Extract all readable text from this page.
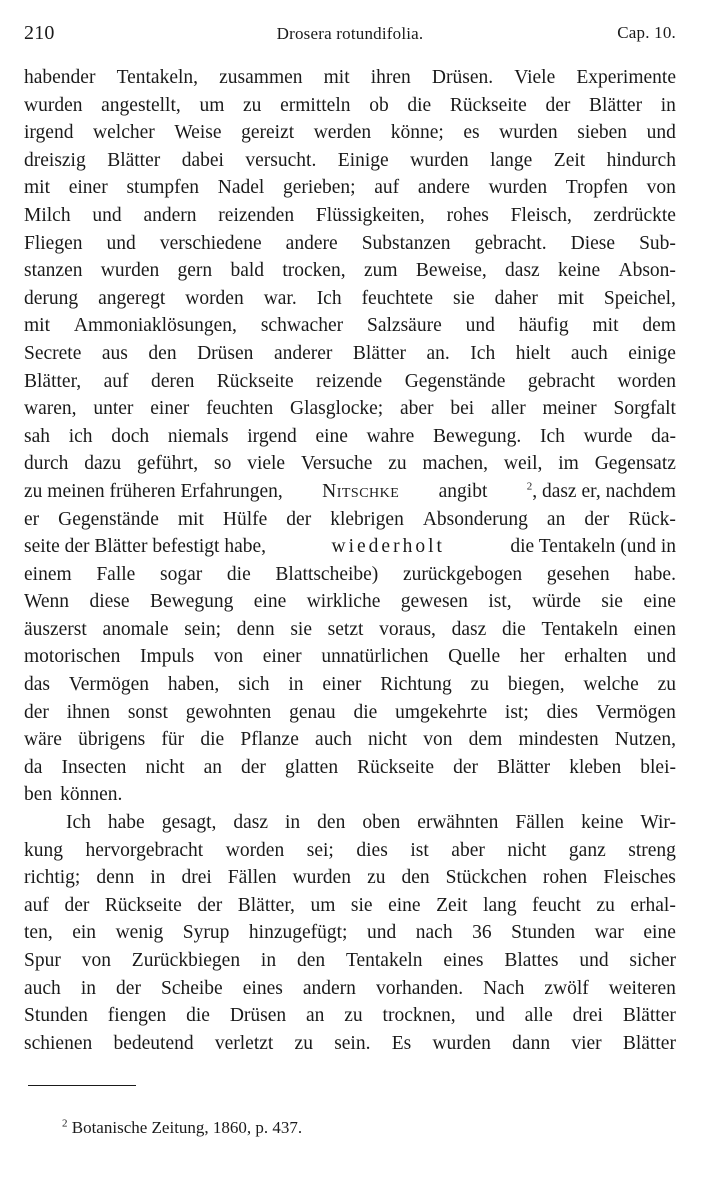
210	Drosera rotundifolia.	Cap. 10.
habender Tentakeln, zusammen mit ihren Drüsen. Viele Experimente
wurden angestellt, um zu ermitteln ob die Rückseite der Blätter in
irgend welcher Weise gereizt werden könne; es wurden sieben und
dreiszig Blätter dabei versucht. Einige wurden lange Zeit hindurch
mit einer stumpfen Nadel gerieben; auf andere wurden Tropfen von
Milch und andern reizenden Flüssigkeiten, rohes Fleisch, zerdrückte
Fliegen und verschiedene andere Substanzen gebracht. Diese Sub-
stanzen wurden gern bald trocken, zum Beweise, dasz keine Abson-
derung angeregt worden war. Ich feuchtete sie daher mit Speichel,
mit Ammoniaklösungen, schwacher Salzsäure und häufig mit dem
Secrete aus den Drüsen anderer Blätter an. Ich hielt auch einige
Blätter, auf deren Rückseite reizende Gegenstände gebracht worden
waren, unter einer feuchten Glasglocke; aber bei aller meiner Sorgfalt
sah ich doch niemals irgend eine wahre Bewegung. Ich wurde da-
durch dazu geführt, so viele Versuche zu machen, weil, im Gegensatz
zu meinen früheren Erfahrungen, Nitschke angibt	$^2$, dasz er, nachdem
er Gegenstände mit Hülfe der klebrigen Absonderung an der Rück-
seite der Blätter befestigt habe,	wiederholt	die Tentakeln (und in
einem Falle sogar die Blattscheibe) zurückgebogen gesehen habe.
Wenn diese Bewegung eine wirkliche gewesen ist, würde sie eine
äuszerst anomale sein; denn sie setzt voraus, dasz die Tentakeln einen
motorischen Impuls von einer unnatürlichen Quelle her erhalten und
das Vermögen haben, sich in einer Richtung zu biegen, welche zu
der ihnen sonst gewohnten genau die umgekehrte ist; dies Vermögen
wäre übrigens für die Pflanze auch nicht von dem mindesten Nutzen,
da Insecten nicht an der glatten Rückseite der Blätter kleben blei-
ben können.
Ich habe gesagt, dasz in den oben erwähnten Fällen keine Wir-
kung hervorgebracht worden sei; dies ist aber nicht ganz streng
richtig; denn in drei Fällen wurden zu den Stückchen rohen Fleisches
auf der Rückseite der Blätter, um sie eine Zeit lang feucht zu erhal-
ten, ein wenig Syrup hinzugefügt; und nach 36 Stunden war eine
Spur von Zurückbiegen in den Tentakeln eines Blattes und sicher
auch in der Scheibe eines andern vorhanden. Nach zwölf weiteren
Stunden fiengen die Drüsen an zu trocknen, und alle drei Blätter
schienen bedeutend verletzt zu sein. Es wurden dann vier Blätter
$^2$ Botanische Zeitung, 1860, p. 437.
